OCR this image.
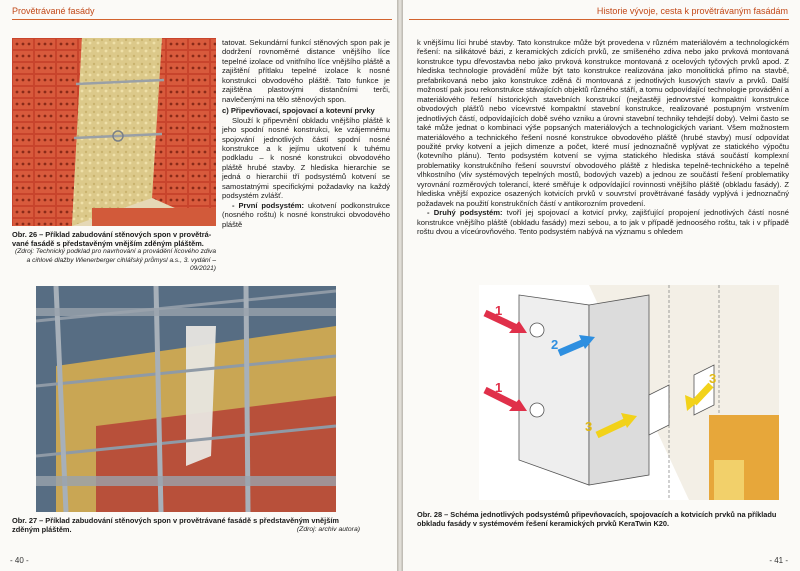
Provětrávané fasády
Obr. 26 – Příklad zabudování stěnových spon v provětrávané fasádě s představěným vnějším zděným pláštěm.
(Zdroj: Technický podklad pro navrhování a provádění lícového zdiva a cihlové dlažby Wienerberger cihlářský průmysl a.s., 3. vydání – 09/2021)
tatovat. Sekundární funkcí stěnových spon pak je dodržení rovnoměrné distance vnějšího líce tepelné izolace od vnitřního líce vnějšího pláště a zajištění přítlaku tepelné izolace k nosné konstrukci obvodového pláště. Tato funkce je zajištěna plastovými distančními terči, navlečenými na tělo stěnových spon.
c) Připevňovací, spojovací a kotevní prvky
Slouží k připevnění obkladu vnějšího pláště k jeho spodní nosné konstrukci, ke vzájemnému spojování jednotlivých částí spodní nosné konstrukce a k jejímu ukotvení k tuhému podkladu – k nosné konstrukci obvodového pláště hrubé stavby. Z hlediska hierarchie se jedná o hierarchii tří podsystémů kotvení se samostatnými specifickými požadavky na každý podsystém zvlášť.
- První podsystém: ukotvení podkonstrukce (nosného roštu) k nosné konstrukci obvodového pláště
Obr. 27 – Příklad zabudování stěnových spon v provětrávané fasádě s představěným vnějším zděným pláštěm.	(Zdroj: archiv autora)
- 40 -
Historie vývoje, cesta k provětrávaným fasádám
k vnějšímu líci hrubé stavby. Tato konstrukce může být provedena v různém materiálovém a technologickém řešení: na silikátové bázi, z keramických zdicích prvků, ze smíšeného zdiva nebo jako prvková montovaná konstrukce typu dřevostavba nebo jako prvková konstrukce montovaná z ocelových tyčových prvků apod. Z hlediska technologie provádění může být tato konstrukce realizována jako monolitická přímo na stavbě, prefabrikovaná nebo jako konstrukce zděná či montovaná z jednotlivých kusových stavív a prvků. Další možností pak jsou rekonstrukce stávajících objektů různého stáří, a tomu odpovídající technologie provádění a materiálového řešení historických stavebních konstrukcí (nejčastěji jednovrstvé kompaktní konstrukce obvodových plášťů nebo vícevrstvé kompaktní stavební konstrukce, realizované postupným vrstvením jednotlivých částí, odpovídajících době svého vzniku a úrovni stavební techniky tehdejší doby). Velmi často se také může jednat o kombinaci výše popsaných materiálových a technologických variant. Všem možnostem materiálového a technického řešení nosné konstrukce obvodového pláště (hrubé stavby) musí odpovídat použité prvky kotvení a jejich dimenze a počet, které musí jednoznačně vyplývat ze statického výpočtu (kotevního plánu). Tento podsystém kotvení se vyjma statického hlediska stává součástí komplexní problematiky konstrukčního řešení souvrství obvodového pláště z hlediska tepelně-technického a tepelně vlhkostního (vliv systémových tepelných mostů, bodových vazeb) a jednou ze součástí řešení problematiky vyrovnání rozměrových tolerancí, které směřuje k odpovídající rovinnosti vnějšího pláště (obkladu fasády). Z hlediska vnější expozice osazených kotvicích prvků v souvrství provětrávané fasády vyplývá i jednoznačný požadavek na použití konstrukčních částí v antikorozním provedení.
- Druhý podsystém: tvoří jej spojovací a kotvicí prvky, zajišťující propojení jednotlivých částí nosné konstrukce vnějšího pláště (obkladu fasády) mezi sebou, a to jak v případě jednoosého roštu, tak i v případě roštu dvou a víceúrovňového. Tento podsystém nabývá na významu s ohledem
1
1
2
3
3
Obr. 28 – Schéma jednotlivých podsystémů připevňovacích, spojovacích a kotvicích prvků na příkladu obkladu fasády v systémovém řešení keramických prvků KeraTwin K20.
- 41 -
